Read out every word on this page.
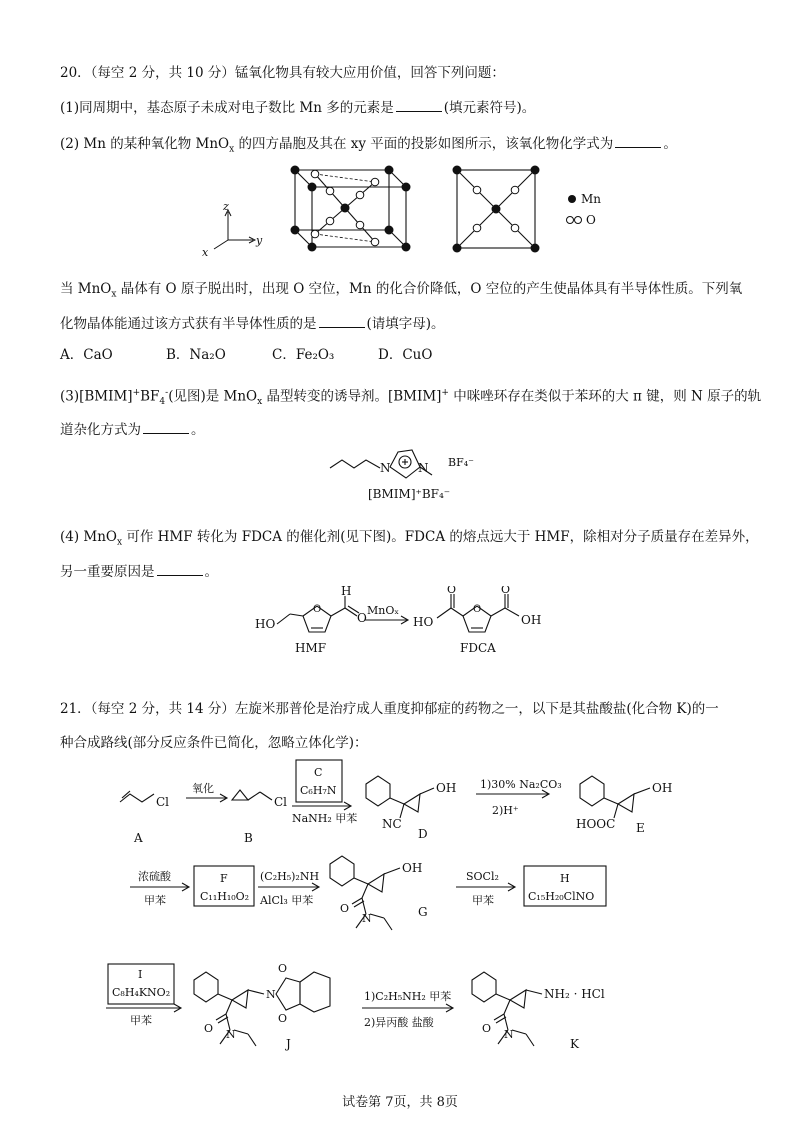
20．（每空 2 分，共 10 分）锰氧化物具有较大应用价值，回答下列问题：
(1)同周期中，基态原子未成对电子数比 Mn 多的元素是	(填元素符号)。
(2) Mn 的某种氧化物 MnO$_x$ 的四方晶胞及其在 xy 平面的投影如图所示，该氧化物化学式为	。
z
y
x
Mn
O
当 MnO$_x$ 晶体有 O 原子脱出时，出现 O 空位，Mn 的化合价降低，O 空位的产生使晶体具有半导体性质。下列氧
化物晶体能通过该方式获有半导体性质的是	(请填字母)。
A．CaO	B．Na₂O	C．Fe₂O₃	D．CuO
$(3)[BMIM]^+BF_4^-$(见图)是 MnO$_x$ 晶型转变的诱导剂。[BMIM]+ 中咪唑环存在类似于苯环的大 π 键，则 N 原子的轨
道杂化方式为	。
N N BF₄⁻
[BMIM]⁺BF₄⁻
(4) MnO$_x$ 可作 HMF 转化为 FDCA 的催化剂(见下图)。FDCA 的熔点远大于 HMF，除相对分子质量存在差异外，
另一重要原因是	。
HO
O
H
O
MnOₓ
HO
O
O
O
OH
HMF	FDCA
21．（每空 2 分，共 14 分）左旋米那普伦是治疗成人重度抑郁症的药物之一，以下是其盐酸盐(化合物 K)的一
种合成路线(部分反应条件已简化，忽略立体化学)：
Cl
A
氧化
Cl
B
C
C₆H₇N
NaNH₂ 甲苯 NC
OH
D
1)30% Na₂CO₃
2)H⁺
HOOC
OH
E
浓硫酸
甲苯
F
C₁₁H₁₀O₂
(C₂H₅)₂NH
AlCl₃ 甲苯
OH
O
N	G
SOCl₂
甲苯
H
C₁₅H₂₀ClNO
I
C₈H₄KNO₂
甲苯
O N
N
O
O
J
1)C₂H₅NH₂ 甲苯
2)异丙酸 盐酸
NH₂ · HCl
O N
K
试卷第 7页，共 8页
